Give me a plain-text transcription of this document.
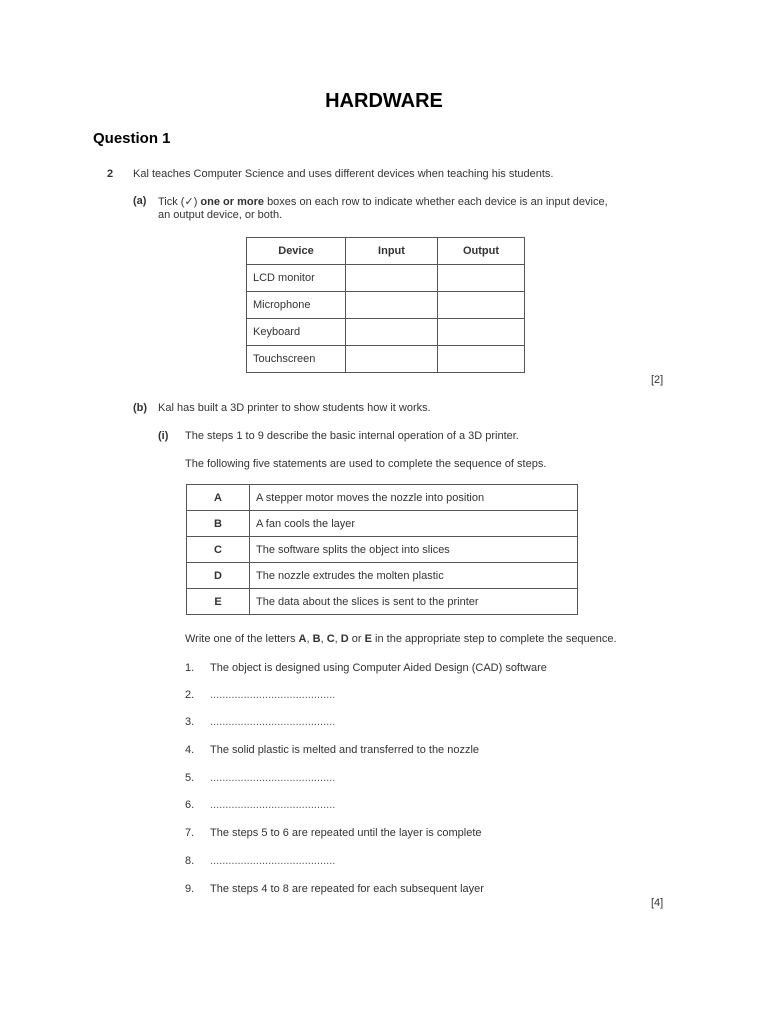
HARDWARE
Question 1
2 Kal teaches Computer Science and uses different devices when teaching his students.
(a) Tick (✓) one or more boxes on each row to indicate whether each device is an input device,
an output device, or both.
Device	Input	Output
LCD monitor		
Microphone		
Keyboard		
Touchscreen		
[2]
(b) Kal has built a 3D printer to show students how it works.
(i) The steps 1 to 9 describe the basic internal operation of a 3D printer.
The following five statements are used to complete the sequence of steps.
A	A stepper motor moves the nozzle into position
B	A fan cools the layer
C	The software splits the object into slices
D	The nozzle extrudes the molten plastic
E	The data about the slices is sent to the printer
Write one of the letters A, B, C, D or E in the appropriate step to complete the sequence.
1. The object is designed using Computer Aided Design (CAD) software
2. .........................................
3. .........................................
4. The solid plastic is melted and transferred to the nozzle
5. .........................................
6. .........................................
7. The steps 5 to 6 are repeated until the layer is complete
8. .........................................
9. The steps 4 to 8 are repeated for each subsequent layer
[4]
